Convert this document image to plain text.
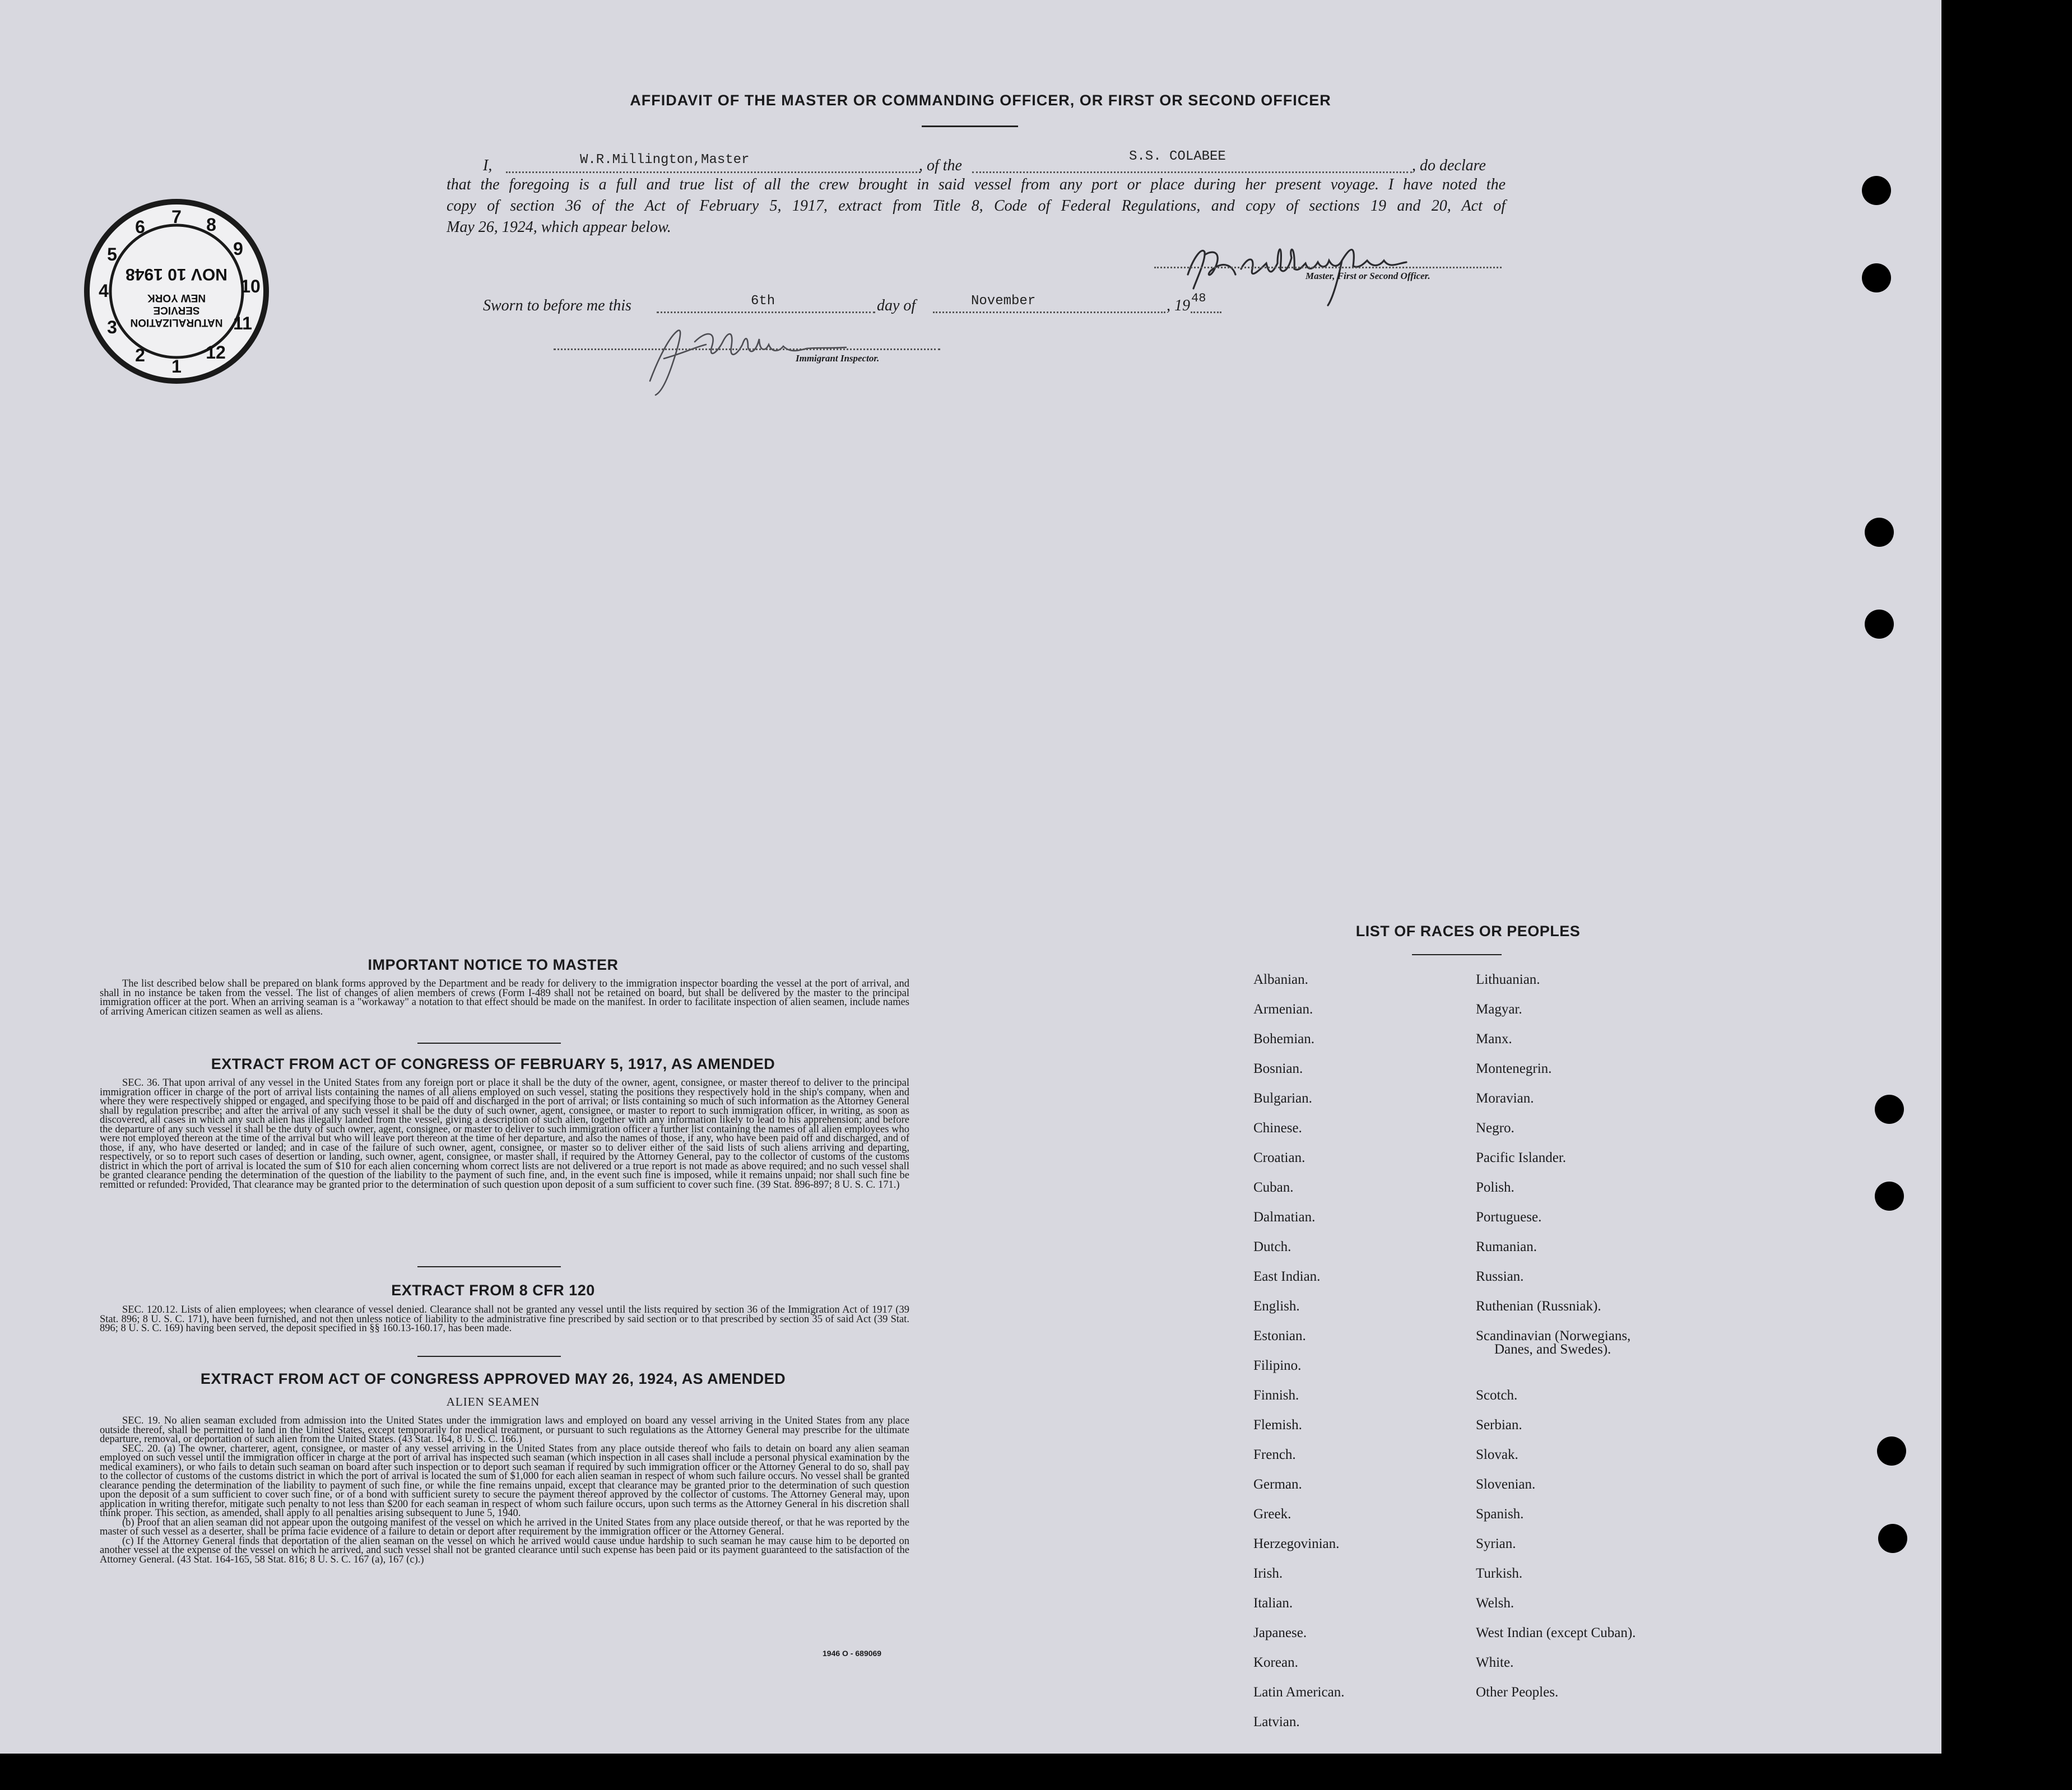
AFFIDAVIT OF THE MASTER OR COMMANDING OFFICER, OR FIRST OR SECOND OFFICER
I,	W.R.Millington,Master	, of the
S.S. COLABEE
, do declare
that the foregoing is a full and true list of all the crew brought in said vessel from any port or place during her present voyage. I have noted the
copy of section 36 of the Act of February 5, 1917, extract from Title 8, Code of Federal Regulations, and copy of sections 19 and 20, Act of
May 26, 1924, which appear below.
Master, First or Second Officer.
Sworn to before me this	6th	day of	November	, 19 48
Immigrant Inspector.
7 8
9
10
11
12
1
2
3
4
5
6
NATURALIZATION
SERVICE
NEW YORK
NOV 10 1948
IMPORTANT NOTICE TO MASTER

The list described below shall be prepared on blank forms approved by the Department and be ready for delivery to the immigration inspector boarding the vessel at the port of arrival, and shall in no instance be taken from the vessel. The list of changes of alien members of crews (Form I-489 shall not be retained on board, but shall be delivered by the master to the principal immigration officer at the port. When an arriving seaman is a "workaway" a notation to that effect should be made on the manifest. In order to facilitate inspection of alien seamen, include names of arriving American citizen seamen as well as aliens.

EXTRACT FROM ACT OF CONGRESS OF FEBRUARY 5, 1917, AS AMENDED

SEC. 36. That upon arrival of any vessel in the United States from any foreign port or place it shall be the duty of the owner, agent, consignee, or master thereof to deliver to the principal immigration officer in charge of the port of arrival lists containing the names of all aliens employed on such vessel, stating the positions they respectively hold in the ship's company, when and where they were respectively shipped or engaged, and specifying those to be paid off and discharged in the port of arrival; or lists containing so much of such information as the Attorney General shall by regulation prescribe; and after the arrival of any such vessel it shall be the duty of such owner, agent, consignee, or master to report to such immigration officer, in writing, as soon as discovered, all cases in which any such alien has illegally landed from the vessel, giving a description of such alien, together with any information likely to lead to his apprehension; and before the departure of any such vessel it shall be the duty of such owner, agent, consignee, or master to deliver to such immigration officer a further list containing the names of all alien employees who were not employed thereon at the time of the arrival but who will leave port thereon at the time of her departure, and also the names of those, if any, who have been paid off and discharged, and of those, if any, who have deserted or landed; and in case of the failure of such owner, agent, consignee, or master so to deliver either of the said lists of such aliens arriving and departing, respectively, or so to report such cases of desertion or landing, such owner, agent, consignee, or master shall, if required by the Attorney General, pay to the collector of customs of the customs district in which the port of arrival is located the sum of $10 for each alien concerning whom correct lists are not delivered or a true report is not made as above required; and no such vessel shall be granted clearance pending the determination of the question of the liability to the payment of such fine, and, in the event such fine is imposed, while it remains unpaid; nor shall such fine be remitted or refunded: Provided, That clearance may be granted prior to the determination of such question upon deposit of a sum sufficient to cover such fine. (39 Stat. 896-897; 8 U. S. C. 171.)

EXTRACT FROM 8 CFR 120

SEC. 120.12. Lists of alien employees; when clearance of vessel denied. Clearance shall not be granted any vessel until the lists required by section 36 of the Immigration Act of 1917 (39 Stat. 896; 8 U. S. C. 171), have been furnished, and not then unless notice of liability to the administrative fine prescribed by said section or to that prescribed by section 35 of said Act (39 Stat. 896; 8 U. S. C. 169) having been served, the deposit specified in §§ 160.13-160.17, has been made.

EXTRACT FROM ACT OF CONGRESS APPROVED MAY 26, 1924, AS AMENDED
ALIEN SEAMEN

SEC. 19. No alien seaman excluded from admission into the United States under the immigration laws and employed on board any vessel arriving in the United States from any place outside thereof, shall be permitted to land in the United States, except temporarily for medical treatment, or pursuant to such regulations as the Attorney General may prescribe for the ultimate departure, removal, or deportation of such alien from the United States. (43 Stat. 164, 8 U. S. C. 166.)

SEC. 20. (a) The owner, charterer, agent, consignee, or master of any vessel arriving in the United States from any place outside thereof who fails to detain on board any alien seaman employed on such vessel until the immigration officer in charge at the port of arrival has inspected such seaman (which inspection in all cases shall include a personal physical examination by the medical examiners), or who fails to detain such seaman on board after such inspection or to deport such seaman if required by such immigration officer or the Attorney General to do so, shall pay to the collector of customs of the customs district in which the port of arrival is located the sum of $1,000 for each alien seaman in respect of whom such failure occurs. No vessel shall be granted clearance pending the determination of the liability to payment of such fine, or while the fine remains unpaid, except that clearance may be granted prior to the determination of such question upon the deposit of a sum sufficient to cover such fine, or of a bond with sufficient surety to secure the payment thereof approved by the collector of customs. The Attorney General may, upon application in writing therefor, mitigate such penalty to not less than $200 for each seaman in respect of whom such failure occurs, upon such terms as the Attorney General in his discretion shall think proper. This section, as amended, shall apply to all penalties arising subsequent to June 5, 1940.

(b) Proof that an alien seaman did not appear upon the outgoing manifest of the vessel on which he arrived in the United States from any place outside thereof, or that he was reported by the master of such vessel as a deserter, shall be prima facie evidence of a failure to detain or deport after requirement by the immigration officer or the Attorney General.

(c) If the Attorney General finds that deportation of the alien seaman on the vessel on which he arrived would cause undue hardship to such seaman he may cause him to be deported on another vessel at the expense of the vessel on which he arrived, and such vessel shall not be granted clearance until such expense has been paid or its payment guaranteed to the satisfaction of the Attorney General. (43 Stat. 164-165, 58 Stat. 816; 8 U. S. C. 167 (a), 167 (c).)

1946 O - 689069
LIST OF RACES OR PEOPLES
Albanian.
Armenian.
Bohemian.
Bosnian.
Bulgarian.
Chinese.
Croatian.
Cuban.
Dalmatian.
Dutch.
East Indian.
English.
Estonian.
Filipino.
Finnish.
Flemish.
French.
German.
Greek.
Herzegovinian.
Irish.
Italian.
Japanese.
Korean.
Latin American.
Latvian.
Lithuanian.
Magyar.
Manx.
Montenegrin.
Moravian.
Negro.
Pacific Islander.
Polish.
Portuguese.
Rumanian.
Russian.
Ruthenian (Russniak).
Scandinavian (Norwegians,
Danes, and Swedes).
Scotch.
Serbian.
Slovak.
Slovenian.
Spanish.
Syrian.
Turkish.
Welsh.
West Indian (except Cuban).
White.
Other Peoples.
